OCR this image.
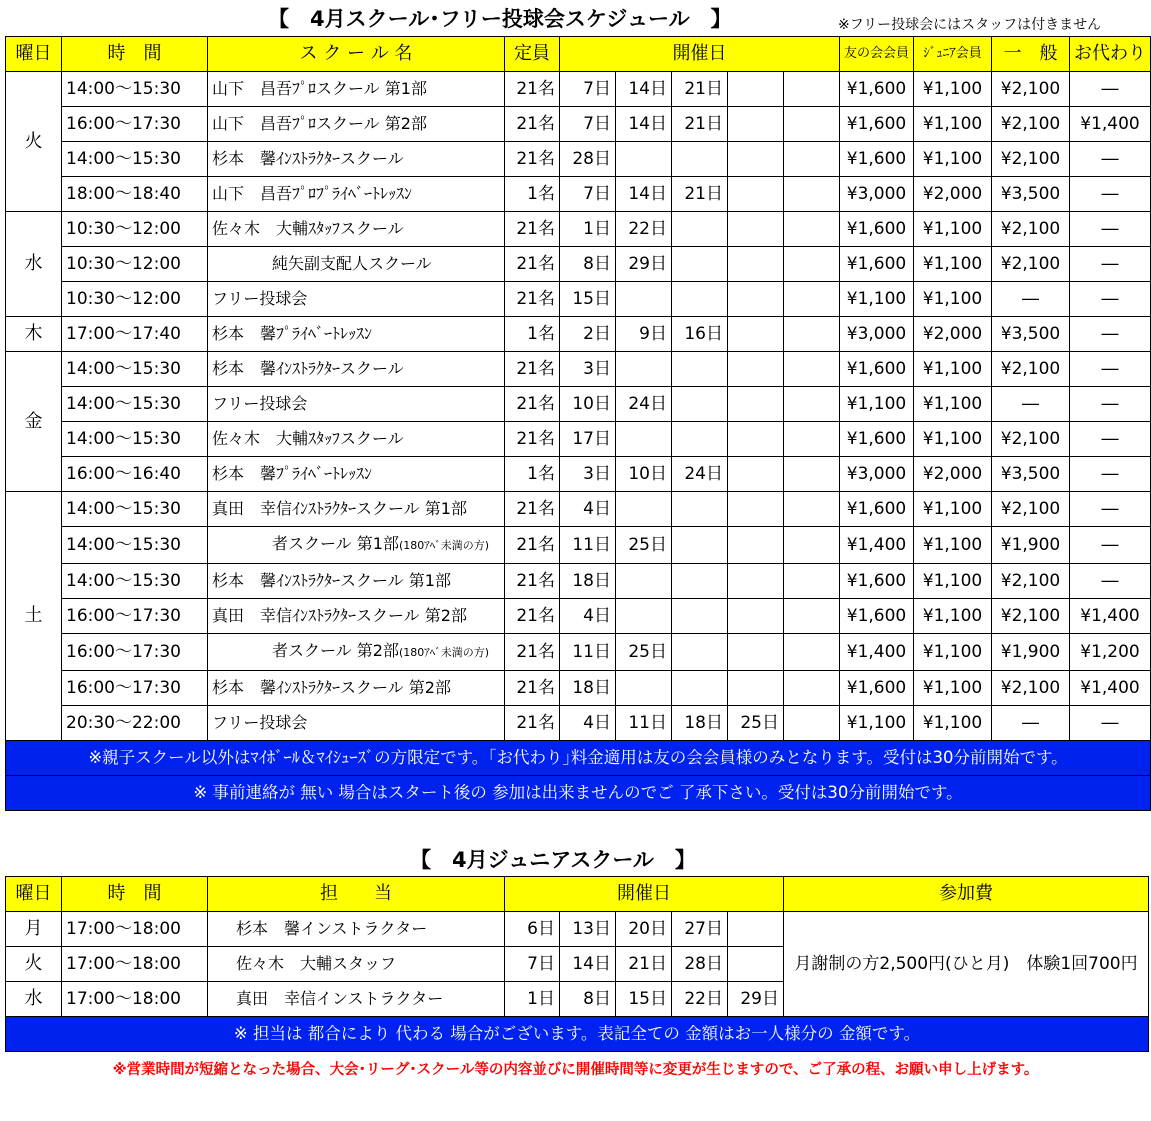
【　4月スクール･フリー投球会スケジュール　】	※フリー投球会にはスタッフは付きません
曜日	時　間	ス ク ー ル 名	定員	開催日					友の会会員	ｼﾞｭﾆｱ会員	一　般	お代わり
火	14:00～15:30	山下　昌吾ﾌﾟﾛスクール 第1部	21名	7日	14日	21日			¥1,600	¥1,100	¥2,100	―
	16:00～17:30	山下　昌吾ﾌﾟﾛスクール 第2部	21名	7日	14日	21日			¥1,600	¥1,100	¥2,100	¥1,400
	14:00～15:30	杉本　馨ｲﾝｽﾄﾗｸﾀｰスクール	21名	28日					¥1,600	¥1,100	¥2,100	―
	18:00～18:40	山下　昌吾ﾌﾟﾛﾌﾟﾗｲﾍﾞｰﾄﾚｯｽﾝ	1名	7日	14日	21日			¥3,000	¥2,000	¥3,500	―
水	10:30～12:00	佐々木　大輔ｽﾀｯﾌスクール	21名	1日	22日				¥1,600	¥1,100	¥2,100	―
	10:30～12:00	純矢副支配人スクール	21名	8日	29日				¥1,600	¥1,100	¥2,100	―
	10:30～12:00	フリー投球会	21名	15日					¥1,100	¥1,100	―	―
木	17:00～17:40	杉本　馨ﾌﾟﾗｲﾍﾞｰﾄﾚｯｽﾝ	1名	2日	9日	16日			¥3,000	¥2,000	¥3,500	―
金	14:00～15:30	杉本　馨ｲﾝｽﾄﾗｸﾀｰスクール	21名	3日					¥1,600	¥1,100	¥2,100	―
	14:00～15:30	フリー投球会	21名	10日	24日				¥1,100	¥1,100	―	―
	14:00～15:30	佐々木　大輔ｽﾀｯﾌスクール	21名	17日					¥1,600	¥1,100	¥2,100	―
	16:00～16:40	杉本　馨ﾌﾟﾗｲﾍﾞｰﾄﾚｯｽﾝ	1名	3日	10日	24日			¥3,000	¥2,000	¥3,500	―
土	14:00～15:30	真田　幸信ｲﾝｽﾄﾗｸﾀｰスクール 第1部	21名	4日					¥1,600	¥1,100	¥2,100	―
	14:00～15:30	者スクール 第1部(180ｱﾍﾞ未満の方)	21名	11日	25日				¥1,400	¥1,100	¥1,900	―
	14:00～15:30	杉本　馨ｲﾝｽﾄﾗｸﾀｰスクール 第1部	21名	18日					¥1,600	¥1,100	¥2,100	―
	16:00～17:30	真田　幸信ｲﾝｽﾄﾗｸﾀｰスクール 第2部	21名	4日					¥1,600	¥1,100	¥2,100	¥1,400
	16:00～17:30	者スクール 第2部(180ｱﾍﾞ未満の方)	21名	11日	25日				¥1,400	¥1,100	¥1,900	¥1,200
	16:00～17:30	杉本　馨ｲﾝｽﾄﾗｸﾀｰスクール 第2部	21名	18日					¥1,600	¥1,100	¥2,100	¥1,400
	20:30～22:00	フリー投球会	21名	4日	11日	18日	25日		¥1,100	¥1,100	―	―
※親子スクール以外はﾏｲﾎﾞｰﾙ＆ﾏｲｼｭｰｽﾞの方限定です。｢お代わり｣料金適用は友の会会員様のみとなります。受付は30分前開始です。												
※ 事前連絡が 無い 場合はスタート後の 参加は出来ませんのでご 了承下さい。受付は30分前開始です。												
曜日	時　間	担　　当	開催日					参加費
月	17:00～18:00	杉本　馨インストラクター	6日	13日	20日	27日		月謝制の方2,500円(ひと月)　体験1回700円
火	17:00～18:00	佐々木　大輔スタッフ	7日	14日	21日	28日		
水	17:00～18:00	真田　幸信インストラクター	1日	8日	15日	22日	29日	
※ 担当は 都合により 代わる 場合がございます。表記全ての 金額はお一人様分の 金額です。								
【　4月ジュニアスクール　】
※営業時間が短縮となった場合、大会･リーグ･スクール等の内容並びに開催時間等に変更が生じますので、ご了承の程、お願い申し上げます。
